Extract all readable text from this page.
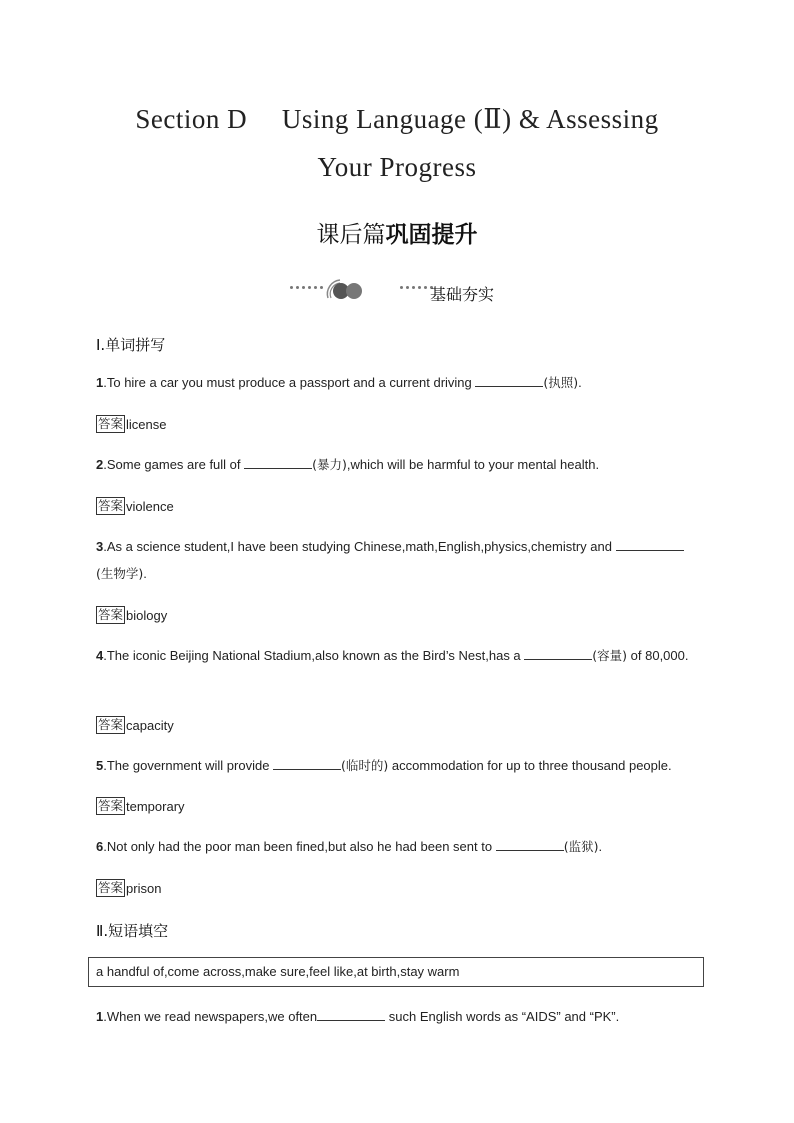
Section D  Using Language (Ⅱ) & Assessing
Your Progress
课后篇巩固提升
基础夯实
Ⅰ.单词拼写
1.To hire a car you must produce a passport and a current driving	(执照).
答案 license
2.Some games are full of	(暴力),which will be harmful to your mental health.
答案 violence
3.As a science student,I have been studying Chinese,math,English,physics,chemistry and (生物学).
答案 biology
4.The iconic Beijing National Stadium,also known as the Bird’s Nest,has a	(容量) of 80,000.
答案 capacity
5.The government will provide	(临时的) accommodation for up to three thousand people.
答案 temporary
6.Not only had the poor man been fined,but also he had been sent to	(监狱).
答案 prison
Ⅱ.短语填空
a handful of,come across,make sure,feel like,at birth,stay warm
1.When we read newspapers,we often	such English words as “AIDS” and “PK”.
